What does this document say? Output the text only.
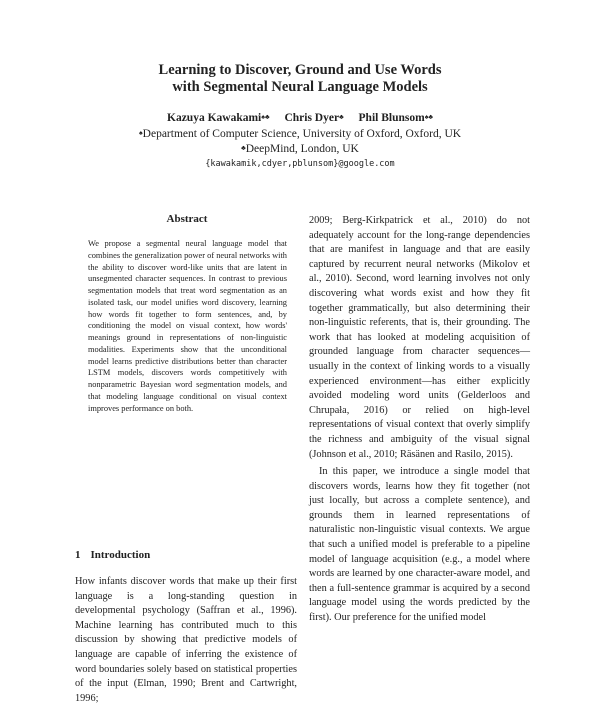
Learning to Discover, Ground and Use Words
with Segmental Neural Language Models
Kazuya Kawakami♠♣ Chris Dyer♣ Phil Blunsom♠♣
♠Department of Computer Science, University of Oxford, Oxford, UK
♣DeepMind, London, UK
{kawakamik,cdyer,pblunsom}@google.com
Abstract

We propose a segmental neural language model that combines the generalization power of neural networks with the ability to discover word-like units that are latent in unsegmented character sequences. In contrast to previous segmentation models that treat word segmentation as an isolated task, our model unifies word discovery, learning how words fit together to form sentences, and, by conditioning the model on visual context, how words' meanings ground in representations of non-linguistic modalities. Experiments show that the unconditional model learns predictive distributions better than character LSTM models, discovers words competitively with nonparametric Bayesian word segmentation models, and that modeling language conditional on visual context improves performance on both.

1 Introduction

How infants discover words that make up their first language is a long-standing question in developmental psychology (Saffran et al., 1996). Machine learning has contributed much to this discussion by showing that predictive models of language are capable of inferring the existence of word boundaries solely based on statistical properties of the input (Elman, 1990; Brent and Cartwright, 1996;

2009; Berg-Kirkpatrick et al., 2010) do not adequately account for the long-range dependencies that are manifest in language and that are easily captured by recurrent neural networks (Mikolov et al., 2010). Second, word learning involves not only discovering what words exist and how they fit together grammatically, but also determining their non-linguistic referents, that is, their grounding. The work that has looked at modeling acquisition of grounded language from character sequences—usually in the context of linking words to a visually experienced environment—has either explicitly avoided modeling word units (Gelderloos and Chrupała, 2016) or relied on high-level representations of visual context that overly simplify the richness and ambiguity of the visual signal (Johnson et al., 2010; Räsänen and Rasilo, 2015).

In this paper, we introduce a single model that discovers words, learns how they fit together (not just locally, but across a complete sentence), and grounds them in learned representations of naturalistic non-linguistic visual contexts. We argue that such a unified model is preferable to a pipeline model of language acquisition (e.g., a model where words are learned by one character-aware model, and then a full-sentence grammar is acquired by a second language model using the words predicted by the first). Our preference for the unified model
